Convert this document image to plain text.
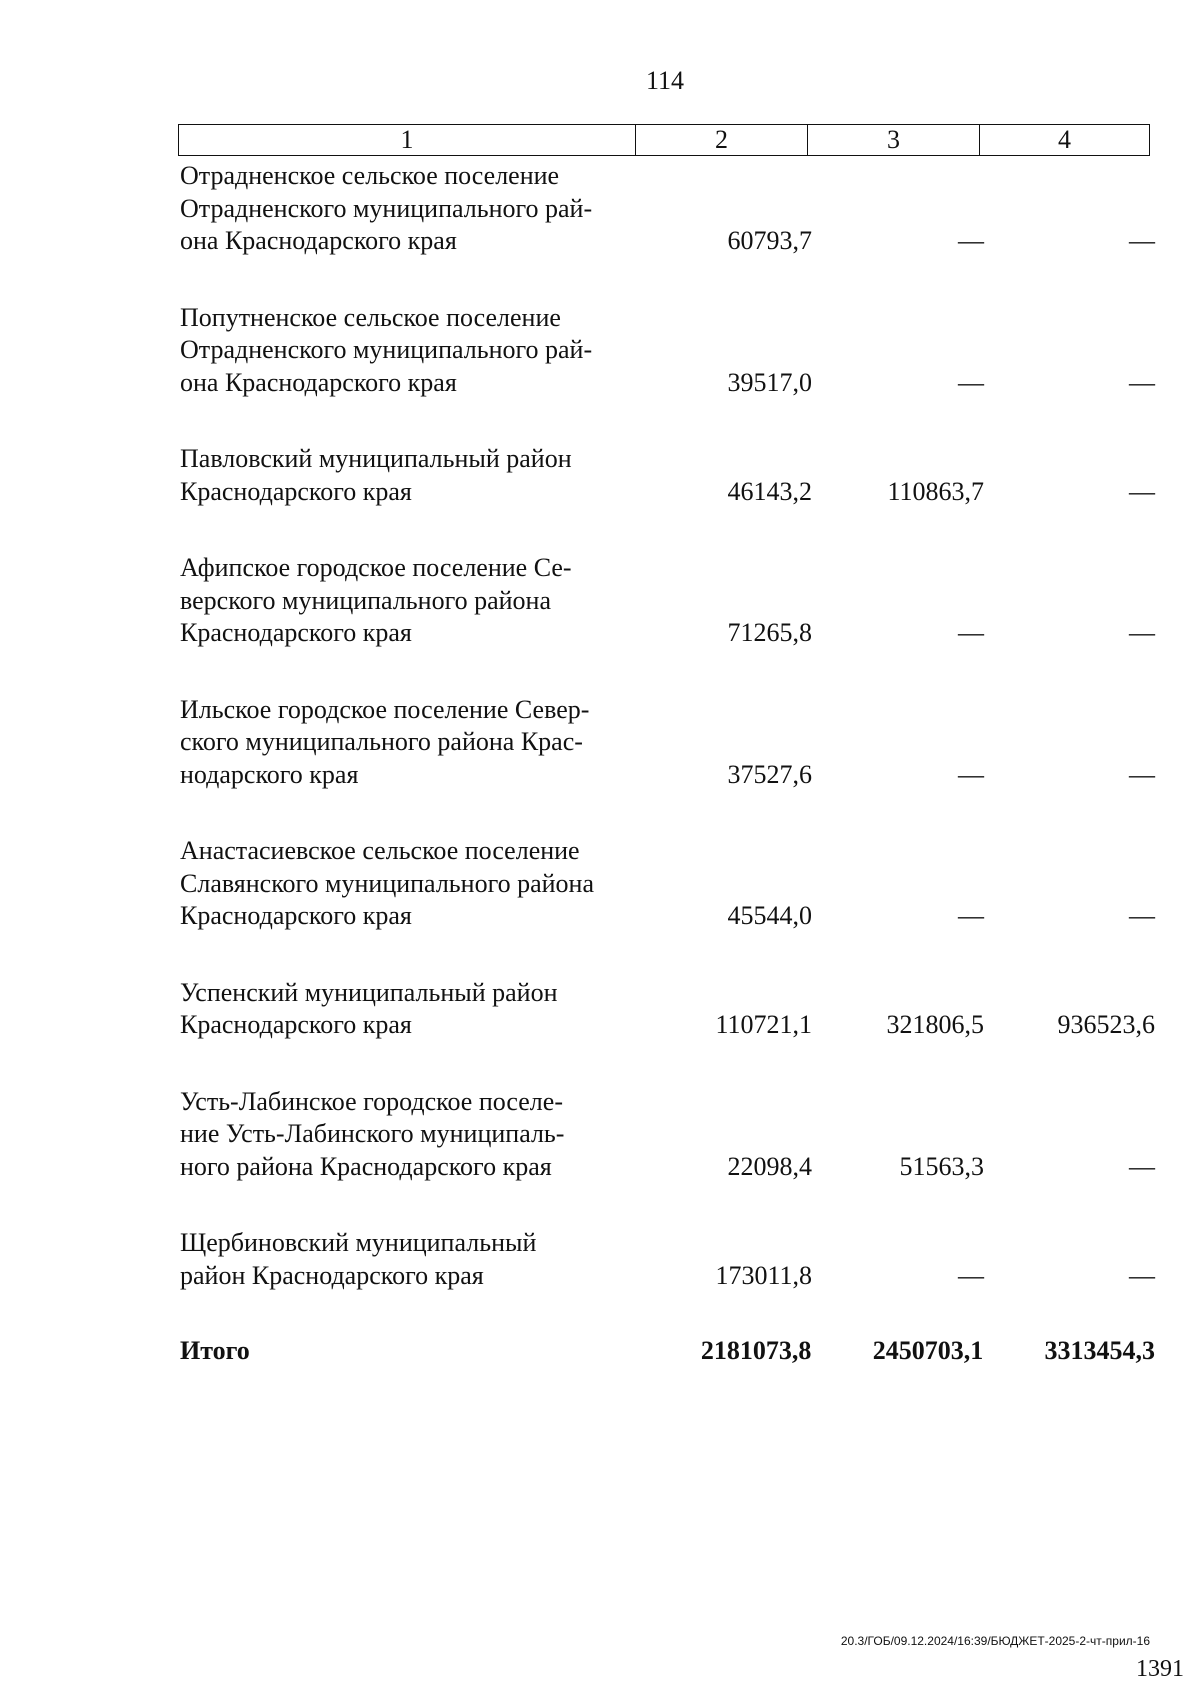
114
1	2	3	4
Отрадненское сельское поселение
Отрадненского муниципального рай-
она Краснодарского края	60793,7	—	—
Попутненское сельское поселение
Отрадненского муниципального рай-
она Краснодарского края	39517,0	—	—
Павловский муниципальный район
Краснодарского края	46143,2	110863,7	—
Афипское городское поселение Се-
верского муниципального района
Краснодарского края	71265,8	—	—
Ильское городское поселение Север-
ского муниципального района Крас-
нодарского края	37527,6	—	—
Анастасиевское сельское поселение
Славянского муниципального района
Краснодарского края	45544,0	—	—
Успенский муниципальный район
Краснодарского края	110721,1	321806,5	936523,6
Усть-Лабинское городское поселе-
ние Усть-Лабинского муниципаль-
ного района Краснодарского края	22098,4	51563,3	—
Щербиновский муниципальный
район Краснодарского края	173011,8	—	—
Итого	2181073,8	2450703,1	3313454,3
20.3/ГОБ/09.12.2024/16:39/БЮДЖЕТ-2025-2-чт-прил-16
1391
